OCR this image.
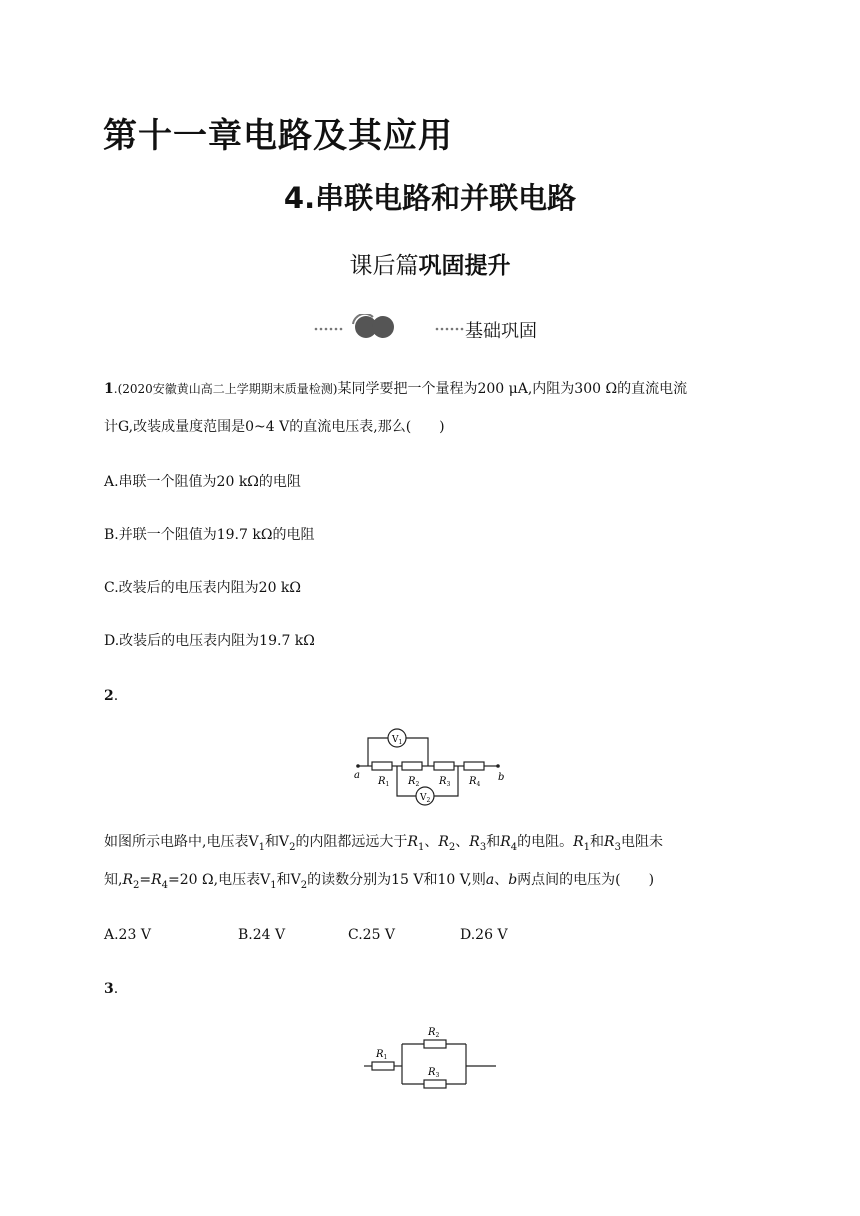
第十一章电路及其应用
4.串联电路和并联电路
课后篇巩固提升
基础巩固
1.(2020安徽黄山高二上学期期末质量检测)某同学要把一个量程为200 μA,内阻为300 Ω的直流电流
计G,改装成量度范围是0~4 V的直流电压表,那么(　　)
A.串联一个阻值为20 kΩ的电阻
B.并联一个阻值为19.7 kΩ的电阻
C.改装后的电压表内阻为20 kΩ
D.改装后的电压表内阻为19.7 kΩ
2.
a	b
$V_1$
$V_2$
$R_1$ $R_2$ $R_3$ $R_4$
如图所示电路中,电压表$V_1$和$V_2$的内阻都远远大于$R_1$、$R_2$、$R_3$和$R_4$的电阻。$R_1$和$R_3$电阻未
知$,R_2=R_4=20$ Ω,电压表$V_1$和$V_2$的读数分别为15 V和10 V,则a、b两点间的电压为(　　)
A.23 V	B.24 V	C.25 V	D.26 V
3.
$R_1$
$R_2$
$R_3$
